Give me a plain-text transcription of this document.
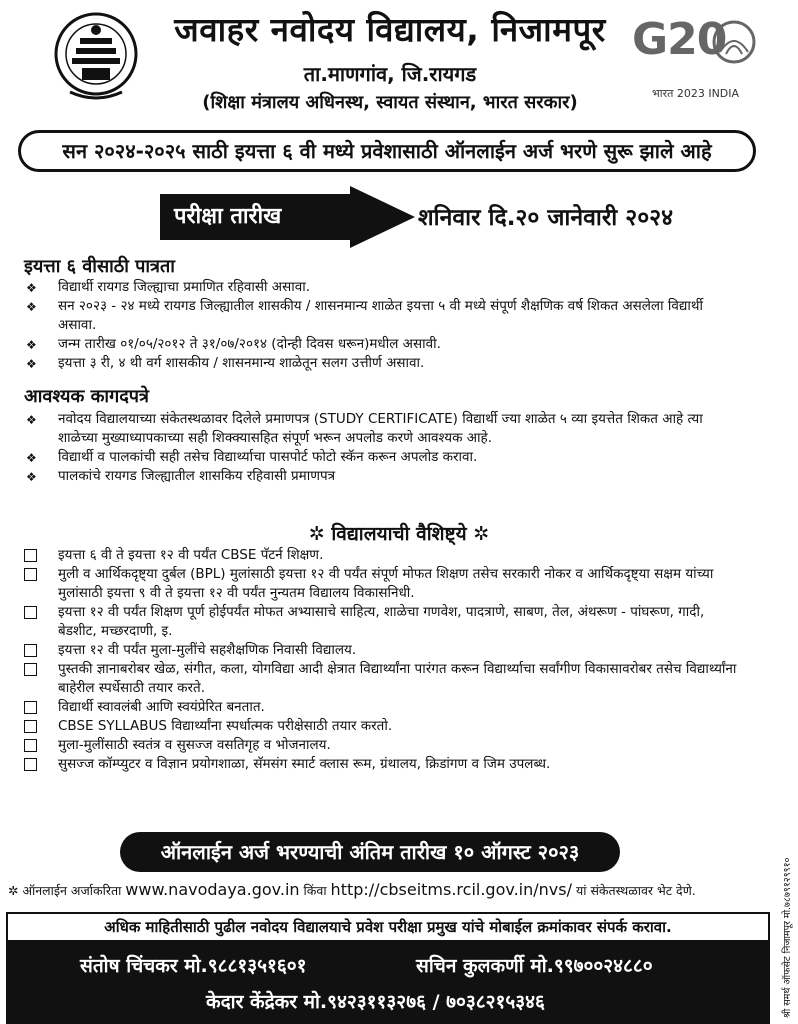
जवाहर नवोदय विद्यालय, निजामपूर
ता.माणगांव, जि.रायगड
(शिक्षा मंत्रालय अधिनस्थ, स्वायत संस्थान, भारत सरकार)
G20
भारत 2023 INDIA
सन २०२४-२०२५ साठी इयत्ता ६ वी मध्ये प्रवेशासाठी ऑनलाईन अर्ज भरणे सुरू झाले आहे
परीक्षा तारीख	शनिवार दि.२० जानेवारी २०२४
इयत्ता ६ वीसाठी पात्रता
❖ विद्यार्थी रायगड जिल्ह्याचा प्रमाणित रहिवासी असावा.
❖ सन २०२३ - २४ मध्ये रायगड जिल्ह्यातील शासकीय / शासनमान्य शाळेत इयत्ता ५ वी मध्ये संपूर्ण शैक्षणिक वर्ष शिकत असलेला विद्यार्थी असावा.
❖ जन्म तारीख ०१/०५/२०१२ ते ३१/०७/२०१४ (दोन्ही दिवस धरून)मधील असावी.
❖ इयत्ता ३ री, ४ थी वर्ग शासकीय / शासनमान्य शाळेतून सलग उत्तीर्ण असावा.
आवश्यक कागदपत्रे
❖ नवोदय विद्यालयाच्या संकेतस्थळावर दिलेले प्रमाणपत्र (STUDY CERTIFICATE) विद्यार्थी ज्या शाळेत ५ व्या इयत्तेत शिकत आहे त्या शाळेच्या मुख्याध्यापकाच्या सही शिक्क्यासहित संपूर्ण भरून अपलोड करणे आवश्यक आहे.
❖ विद्यार्थी व पालकांची सही तसेच विद्यार्थ्याचा पासपोर्ट फोटो स्कॅन करून अपलोड करावा.
❖ पालकांचे रायगड जिल्ह्यातील शासकिय रहिवासी प्रमाणपत्र
✲ विद्यालयाची वैशिष्ट्ये ✲
इयत्ता ६ वी ते इयत्ता १२ वी पर्यंत CBSE पॅटर्न शिक्षण.
मुली व आर्थिकदृष्ट्या दुर्बल (BPL) मुलांसाठी इयत्ता १२ वी पर्यंत संपूर्ण मोफत शिक्षण तसेच सरकारी नोकर व आर्थिकदृष्ट्या सक्षम यांच्या मुलांसाठी इयत्ता ९ वी ते इयत्ता १२ वी पर्यंत नुन्यतम विद्यालय विकासनिधी.
इयत्ता १२ वी पर्यंत शिक्षण पूर्ण होईपर्यंत मोफत अभ्यासाचे साहित्य, शाळेचा गणवेश, पादत्राणे, साबण, तेल, अंथरूण - पांघरूण, गादी, बेडशीट, मच्छरदाणी, इ.
इयत्ता १२ वी पर्यंत मुला-मुलींचे सहशैक्षणिक निवासी विद्यालय.
पुस्तकी ज्ञानाबरोबर खेळ, संगीत, कला, योगविद्या आदी क्षेत्रात विद्यार्थ्यांना पारंगत करून विद्यार्थ्याचा सर्वांगीण विकासावरोबर तसेच विद्यार्थ्यांना बाहेरील स्पर्धेसाठी तयार करते.
विद्यार्थी स्वावलंबी आणि स्वयंप्रेरित बनतात.
CBSE SYLLABUS विद्यार्थ्यांना स्पर्धात्मक परीक्षेसाठी तयार करतो.
मुला-मुलींसाठी स्वतंत्र व सुसज्ज वसतिगृह व भोजनालय.
सुसज्ज कॉम्प्युटर व विज्ञान प्रयोगशाळा, सॅमसंग स्मार्ट क्लास रूम, ग्रंथालय, क्रिडांगण व जिम उपलब्ध.
ऑनलाईन अर्ज भरण्याची अंतिम तारीख १० ऑगस्ट २०२३
✲ ऑनलाईन अर्जाकरिता www.navodaya.gov.in किंवा http://cbseitms.rcil.gov.in/nvs/ यां संकेतस्थळावर भेट देणे.
अधिक माहितीसाठी पुढील नवोदय विद्यालयाचे प्रवेश परीक्षा प्रमुख यांचे मोबाईल क्रमांकावर संपर्क करावा.
संतोष चिंचकर मो.९८८१३५१६०१	सचिन कुलकर्णी मो.९९७००२४८८०
केदार केंद्रेकर मो.९४२३११३२७६ / ७०३८२१५३४६	श्री समर्थ ऑफसेट निजामपूर मो.७८७९१२९९१०
